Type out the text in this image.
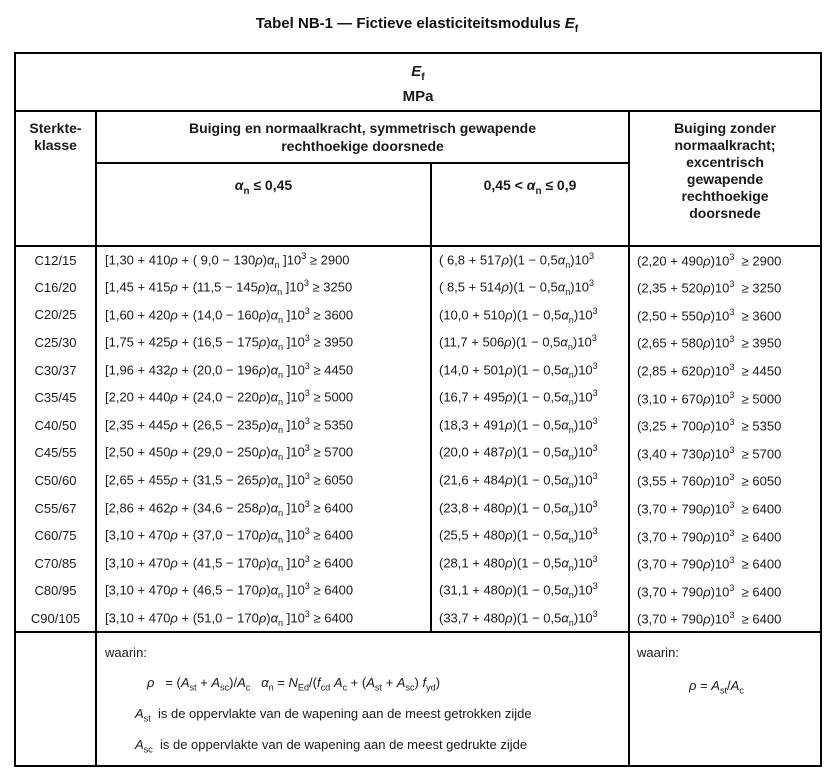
Tabel NB-1 — Fictieve elasticiteitsmodulus $E_f$
$E_f$
MPa			

Sterkte-klasse	Buiging en normaalkracht, symmetrisch gewapende rechthoekige doorsnede		Buiging zonder normaalkracht; excentrisch gewapende rechthoekige doorsnede

	$\alpha_n \le 0,45$	$0,45 < \alpha_n \le 0,9$	
C12/15	[1,30 + 410ρ + ( $9,0 - 130\rho)\alpha_n$ ]$10^3 \ge 2900$	( $6,8 + 517\rho)(1 - 0,5\alpha_n)10^3$	$(2,20 + 490\rho)10^3 \ge 2900$
C16/20	[$1,45 + 415\rho + (11,5 - 145\rho)\alpha_n$ ]$10^3 \ge 3250$	( $8,5 + 514\rho)(1 - 0,5\alpha_n)10^3$	$(2,35 + 520\rho)10^3 \ge 3250$
C20/25	[$1,60 + 420\rho + (14,0 - 160\rho)\alpha_n$ ]$10^3 \ge 3600$	$(10,0 + 510\rho)(1 - 0,5\alpha_n)10^3$	$(2,50 + 550\rho)10^3 \ge 3600$
C25/30	[$1,75 + 425\rho + (16,5 - 175\rho)\alpha_n$ ]$10^3 \ge 3950$	$(11,7 + 506\rho)(1 - 0,5\alpha_n)10^3$	$(2,65 + 580\rho)10^3 \ge 3950$
C30/37	[$1,96 + 432\rho + (20,0 - 196\rho)\alpha_n$ ]$10^3 \ge 4450$	$(14,0 + 501\rho)(1 - 0,5\alpha_n)10^3$	$(2,85 + 620\rho)10^3 \ge 4450$
C35/45	[$2,20 + 440\rho + (24,0 - 220\rho)\alpha_n$ ]$10^3 \ge 5000$	$(16,7 + 495\rho)(1 - 0,5\alpha_n)10^3$	$(3,10 + 670\rho)10^3 \ge 5000$
C40/50	[$2,35 + 445\rho + (26,5 - 235\rho)\alpha_n$ ]$10^3 \ge 5350$	$(18,3 + 491\rho)(1 - 0,5\alpha_n)10^3$	$(3,25 + 700\rho)10^3 \ge 5350$
C45/55	[$2,50 + 450\rho + (29,0 - 250\rho)\alpha_n$ ]$10^3 \ge 5700$	$(20,0 + 487\rho)(1 - 0,5\alpha_n)10^3$	$(3,40 + 730\rho)10^3 \ge 5700$
C50/60	[$2,65 + 455\rho + (31,5 - 265\rho)\alpha_n$ ]$10^3 \ge 6050$	$(21,6 + 484\rho)(1 - 0,5\alpha_n)10^3$	$(3,55 + 760\rho)10^3 \ge 6050$
C55/67	[$2,86 + 462\rho + (34,6 - 258\rho)\alpha_n$ ]$10^3 \ge 6400$	$(23,8 + 480\rho)(1 - 0,5\alpha_n)10^3$	$(3,70 + 790\rho)10^3 \ge 6400$
C60/75	[$3,10 + 470\rho + (37,0 - 170\rho)\alpha_n$ ]$10^3 \ge 6400$	$(25,5 + 480\rho)(1 - 0,5\alpha_n)10^3$	$(3,70 + 790\rho)10^3 \ge 6400$
C70/85	[$3,10 + 470\rho + (41,5 - 170\rho)\alpha_n$ ]$10^3 \ge 6400$	$(28,1 + 480\rho)(1 - 0,5\alpha_n)10^3$	$(3,70 + 790\rho)10^3 \ge 6400$
C80/95	[$3,10 + 470\rho + (46,5 - 170\rho)\alpha_n$ ]$10^3 \ge 6400$	$(31,1 + 480\rho)(1 - 0,5\alpha_n)10^3$	$(3,70 + 790\rho)10^3 \ge 6400$
C90/105	[$3,10 + 470\rho + (51,0 - 170\rho)\alpha_n$ ]$10^3 \ge 6400$	$(33,7 + 480\rho)(1 - 0,5\alpha_n)10^3$	$(3,70 + 790\rho)10^3 \ge 6400$

waarin:
$\rho = (A_{st} + A_{sc})/A_c$ $\alpha_n = N_{Ed}/(f_{cd}$ $A_c + (A_{st} + A_{sc})$ $f_{yd}$)
$A_{st}$  is de oppervlakte van de wapening aan de meest getrokken zijde
$A_{sc}$  is de oppervlakte van de wapening aan de meest gedrukte zijde

waarin:
$\rho = A_{st}/A_c$
